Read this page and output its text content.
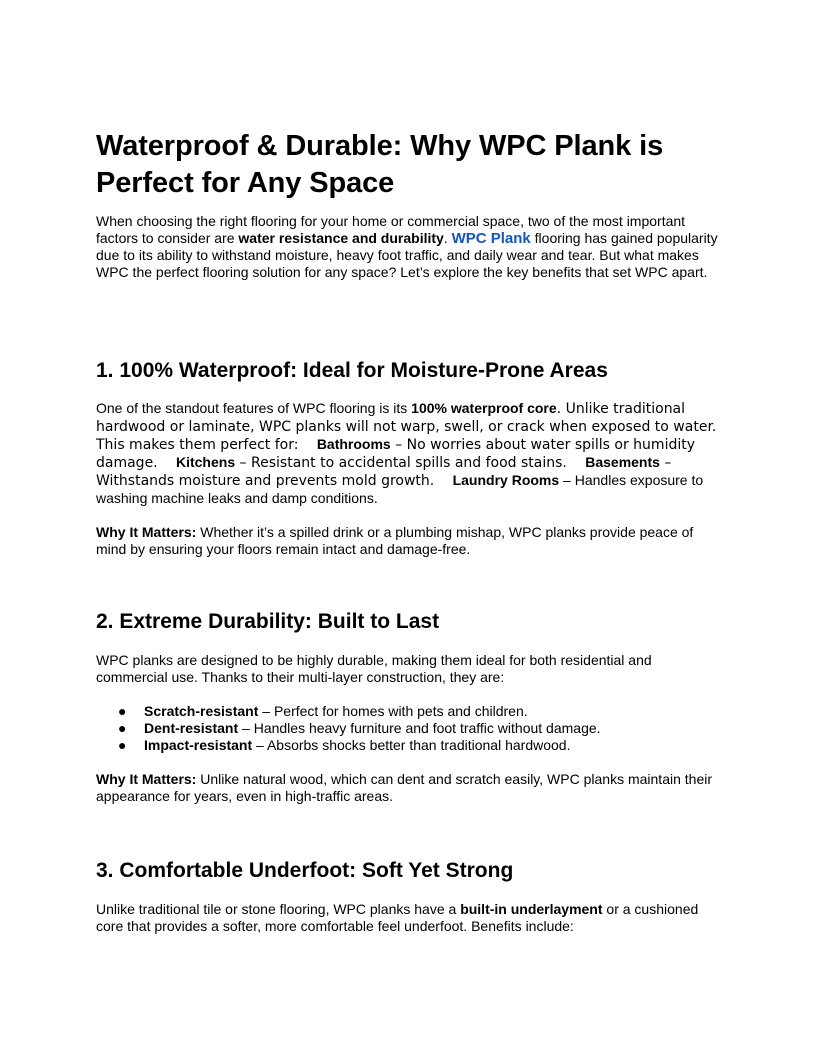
Waterproof & Durable: Why WPC Plank is Perfect for Any Space

When choosing the right flooring for your home or commercial space, two of the most important factors to consider are water resistance and durability. WPC Plank flooring has gained popularity due to its ability to withstand moisture, heavy foot traffic, and daily wear and tear. But what makes WPC the perfect flooring solution for any space? Let’s explore the key benefits that set WPC apart.

1. 100% Waterproof: Ideal for Moisture-Prone Areas

One of the standout features of WPC flooring is its 100% waterproof core. Unlike traditional hardwood or laminate, WPC planks will not warp, swell, or crack when exposed to water. This makes them perfect for:  Bathrooms – No worries about water spills or humidity damage.  Kitchens – Resistant to accidental spills and food stains.  Basements – Withstands moisture and prevents mold growth.  Laundry Rooms – Handles exposure to washing machine leaks and damp conditions.

Why It Matters: Whether it’s a spilled drink or a plumbing mishap, WPC planks provide peace of mind by ensuring your floors remain intact and damage-free.

2. Extreme Durability: Built to Last

WPC planks are designed to be highly durable, making them ideal for both residential and commercial use. Thanks to their multi-layer construction, they are:

● Scratch-resistant – Perfect for homes with pets and children.
● Dent-resistant – Handles heavy furniture and foot traffic without damage.
● Impact-resistant – Absorbs shocks better than traditional hardwood.

Why It Matters: Unlike natural wood, which can dent and scratch easily, WPC planks maintain their appearance for years, even in high-traffic areas.

3. Comfortable Underfoot: Soft Yet Strong

Unlike traditional tile or stone flooring, WPC planks have a built-in underlayment or a cushioned core that provides a softer, more comfortable feel underfoot. Benefits include:
